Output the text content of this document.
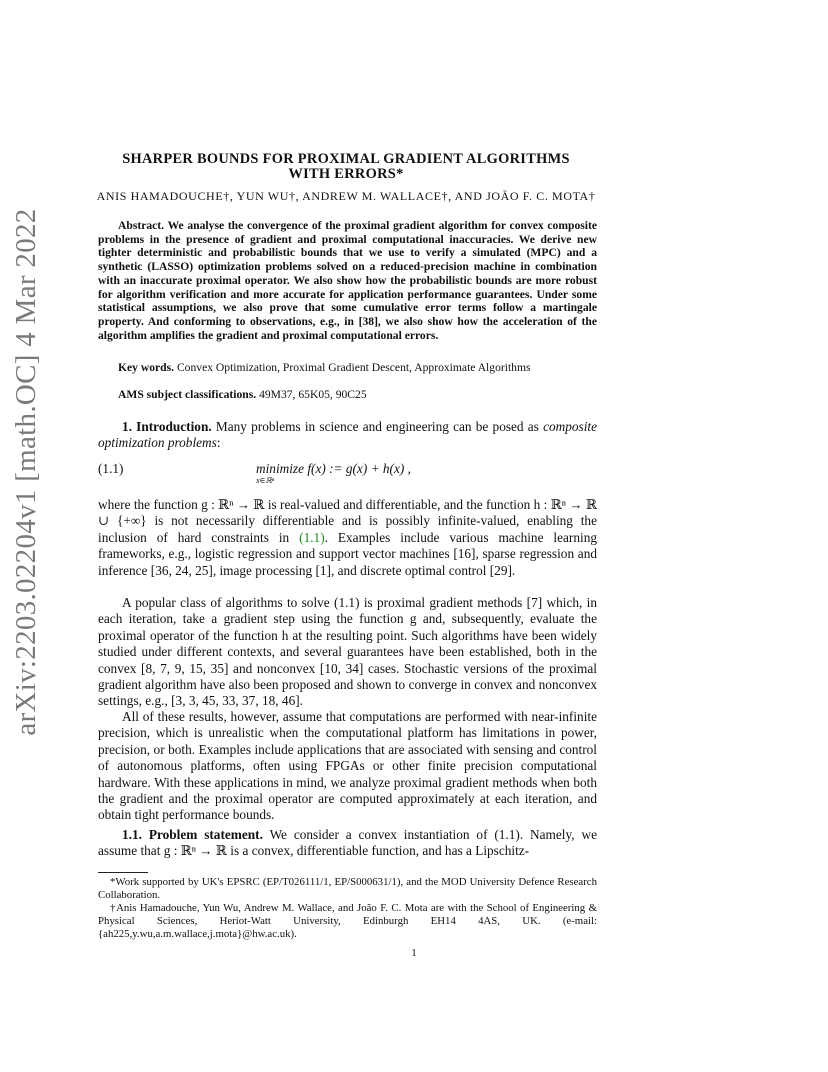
arXiv:2203.02204v1 [math.OC] 4 Mar 2022
SHARPER BOUNDS FOR PROXIMAL GRADIENT ALGORITHMS
WITH ERRORS*
ANIS HAMADOUCHE†, YUN WU†, ANDREW M. WALLACE†, AND JOÃO F. C. MOTA†

Abstract. We analyse the convergence of the proximal gradient algorithm for convex composite problems in the presence of gradient and proximal computational inaccuracies. We derive new tighter deterministic and probabilistic bounds that we use to verify a simulated (MPC) and a synthetic (LASSO) optimization problems solved on a reduced-precision machine in combination with an inaccurate proximal operator. We also show how the probabilistic bounds are more robust for algorithm verification and more accurate for application performance guarantees. Under some statistical assumptions, we also prove that some cumulative error terms follow a martingale property. And conforming to observations, e.g., in [38], we also show how the acceleration of the algorithm amplifies the gradient and proximal computational errors.

Key words. Convex Optimization, Proximal Gradient Descent, Approximate Algorithms
AMS subject classifications. 49M37, 65K05, 90C25

1. Introduction. Many problems in science and engineering can be posed as composite optimization problems:

(1.1)	minimize f(x) := g(x) + h(x) ,
x∈ℝⁿ

where the function g : ℝⁿ → ℝ is real-valued and differentiable, and the function h : ℝⁿ → ℝ ∪ {+∞} is not necessarily differentiable and is possibly infinite-valued, enabling the inclusion of hard constraints in (1.1). Examples include various machine learning frameworks, e.g., logistic regression and support vector machines [16], sparse regression and inference [36, 24, 25], image processing [1], and discrete optimal control [29].

A popular class of algorithms to solve (1.1) is proximal gradient methods [7] which, in each iteration, take a gradient step using the function g and, subsequently, evaluate the proximal operator of the function h at the resulting point. Such algorithms have been widely studied under different contexts, and several guarantees have been established, both in the convex [8, 7, 9, 15, 35] and nonconvex [10, 34] cases. Stochastic versions of the proximal gradient algorithm have also been proposed and shown to converge in convex and nonconvex settings, e.g., [3, 3, 45, 33, 37, 18, 46].

All of these results, however, assume that computations are performed with near-infinite precision, which is unrealistic when the computational platform has limitations in power, precision, or both. Examples include applications that are associated with sensing and control of autonomous platforms, often using FPGAs or other finite precision computational hardware. With these applications in mind, we analyze proximal gradient methods when both the gradient and the proximal operator are computed approximately at each iteration, and obtain tight performance bounds.

1.1. Problem statement. We consider a convex instantiation of (1.1). Namely, we assume that g : ℝⁿ → ℝ is a convex, differentiable function, and has a Lipschitz-

*Work supported by UK's EPSRC (EP/T026111/1, EP/S000631/1), and the MOD University Defence Research Collaboration.

†Anis Hamadouche, Yun Wu, Andrew M. Wallace, and João F. C. Mota are with the School of Engineering & Physical Sciences, Heriot-Watt University, Edinburgh EH14 4AS, UK. (e-mail: {ah225,y.wu,a.m.wallace,j.mota}@hw.ac.uk).

1
